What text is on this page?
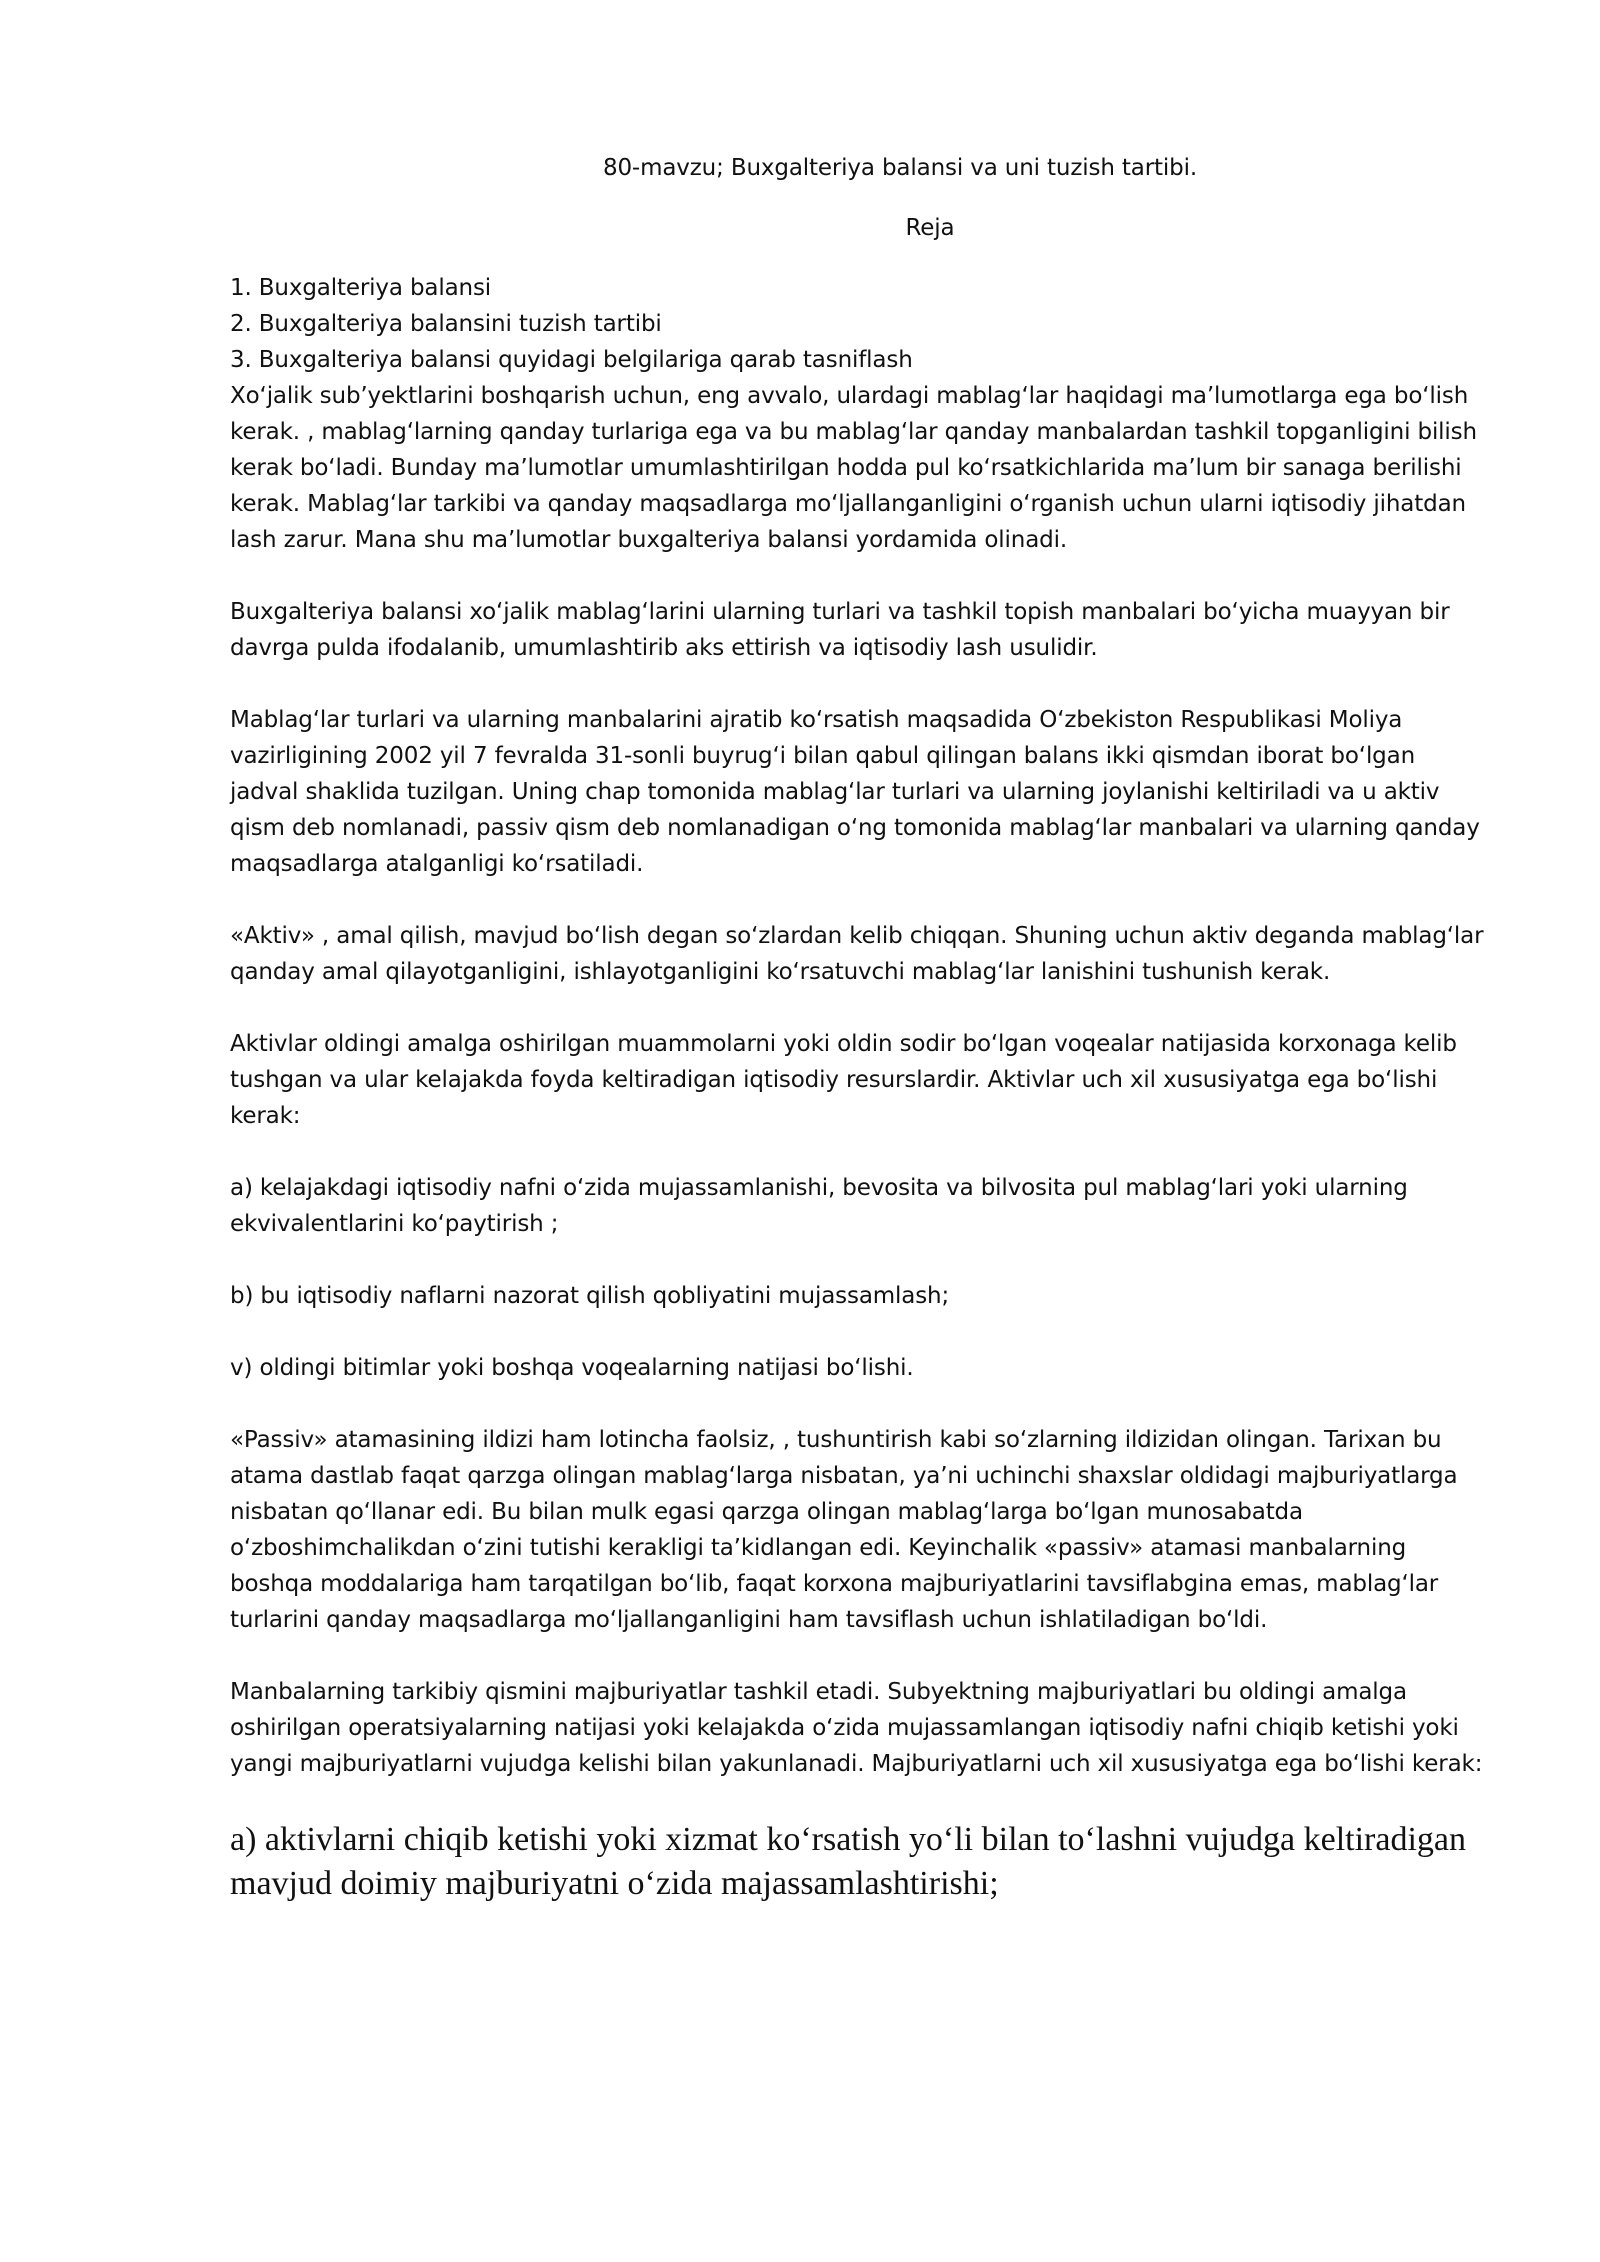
80-mavzu; Buxgalteriya balansi va uni tuzish tartibi.
Reja
1. Buxgalteriya balansi
2. Buxgalteriya balansini tuzish tartibi
3. Buxgalteriya balansi quyidagi belgilariga qarab tasniflash

Xo‘jalik sub’yektlarini boshqarish uchun, eng avvalo, ulardagi mablag‘lar haqidagi ma’lumotlarga ega bo‘lish kerak. , mablag‘larning qanday turlariga ega va bu mablag‘lar qanday manbalardan tashkil topganligini bilish kerak bo‘ladi. Bunday ma’lumotlar umumlashtirilgan hodda pul ko‘rsatkichlarida ma’lum bir sanaga berilishi kerak. Mablag‘lar tarkibi va qanday maqsadlarga mo‘ljallanganligini o‘rganish uchun ularni iqtisodiy jihatdan lash zarur. Mana shu ma’lumotlar buxgalteriya balansi yordamida olinadi.

Buxgalteriya balansi xo‘jalik mablag‘larini ularning turlari va tashkil topish manbalari bo‘yicha muayyan bir davrga pulda ifodalanib, umumlashtirib aks ettirish va iqtisodiy lash usulidir.

Mablag‘lar turlari va ularning manbalarini ajratib ko‘rsatish maqsadida O‘zbekiston Respublikasi Moliya vazirligining 2002 yil 7 fevralda 31-sonli buyrug‘i bilan qabul qilingan balans ikki qismdan iborat bo‘lgan jadval shaklida tuzilgan. Uning chap tomonida mablag‘lar turlari va ularning joylanishi keltiriladi va u aktiv qism deb nomlanadi, passiv qism deb nomlanadigan o‘ng tomonida mablag‘lar manbalari va ularning qanday maqsadlarga atalganligi ko‘rsatiladi.

«Aktiv» , amal qilish, mavjud bo‘lish degan so‘zlardan kelib chiqqan. Shuning uchun aktiv deganda mablag‘lar qanday amal qilayotganligini, ishlayotganligini ko‘rsatuvchi mablag‘lar lanishini tushunish kerak.

Aktivlar oldingi amalga oshirilgan muammolarni yoki oldin sodir bo‘lgan voqealar natijasida korxonaga kelib tushgan va ular kelajakda foyda keltiradigan iqtisodiy resurslardir. Aktivlar uch xil xususiyatga ega bo‘lishi kerak:

a) kelajakdagi iqtisodiy nafni o‘zida mujassamlanishi, bevosita va bilvosita pul mablag‘lari yoki ularning ekvivalentlarini ko‘paytirish ;

b) bu iqtisodiy naflarni nazorat qilish qobliyatini mujassamlash;

v) oldingi bitimlar yoki boshqa voqealarning natijasi bo‘lishi.

«Passiv» atamasining ildizi ham lotincha faolsiz, , tushuntirish kabi so‘zlarning ildizidan olingan. Tarixan bu atama dastlab faqat qarzga olingan mablag‘larga nisbatan, ya’ni uchinchi shaxslar oldidagi majburiyatlarga nisbatan qo‘llanar edi. Bu bilan mulk egasi qarzga olingan mablag‘larga bo‘lgan munosabatda o‘zboshimchalikdan o‘zini tutishi kerakligi ta’kidlangan edi. Keyinchalik «passiv» atamasi manbalarning boshqa moddalariga ham tarqatilgan bo‘lib, faqat korxona majburiyatlarini tavsiflabgina emas, mablag‘lar turlarini qanday maqsadlarga mo‘ljallanganligini ham tavsiflash uchun ishlatiladigan bo‘ldi.

Manbalarning tarkibiy qismini majburiyatlar tashkil etadi. Subyektning majburiyatlari bu oldingi amalga oshirilgan operatsiyalarning natijasi yoki kelajakda o‘zida mujassamlangan iqtisodiy nafni chiqib ketishi yoki yangi majburiyatlarni vujudga kelishi bilan yakunlanadi. Majburiyatlarni uch xil xususiyatga ega bo‘lishi kerak:

a) aktivlarni chiqib ketishi yoki xizmat ko‘rsatish yo‘li bilan to‘lashni vujudga keltiradigan mavjud doimiy majburiyatni o‘zida majassamlashtirishi;
